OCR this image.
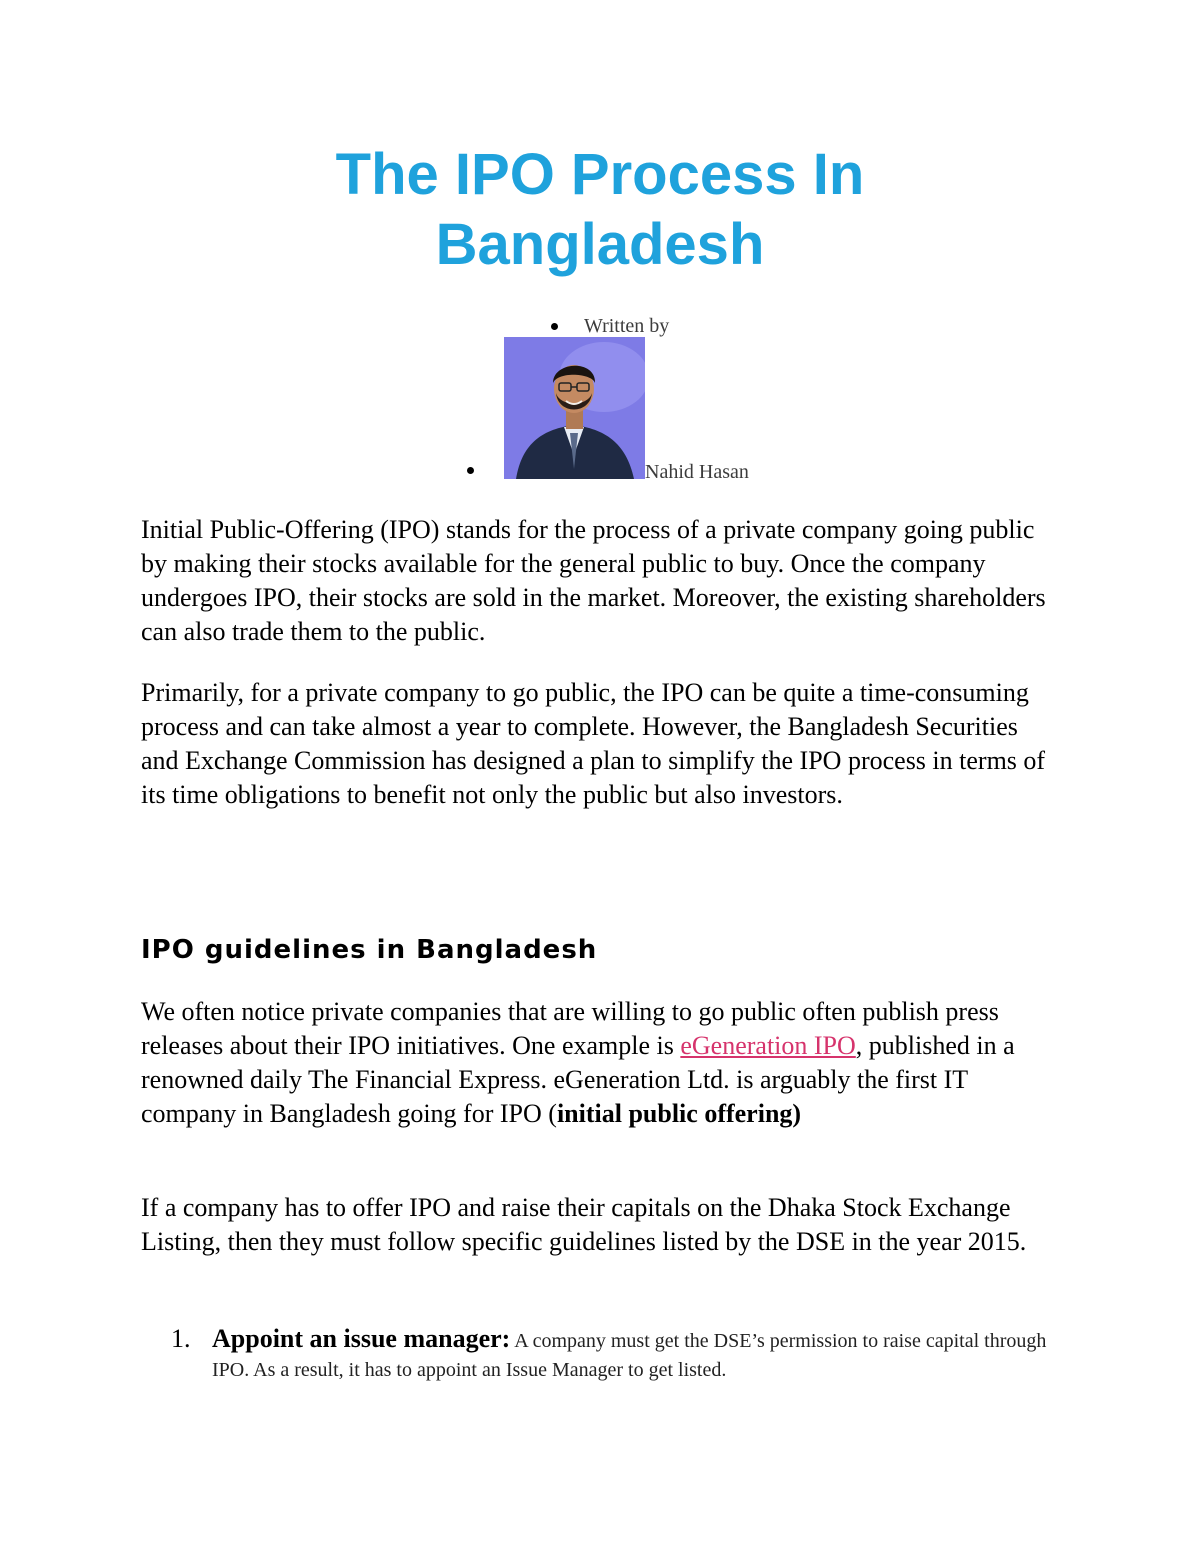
The IPO Process In
Bangladesh
Written by
Nahid Hasan

Initial Public-Offering (IPO) stands for the process of a private company going public by making their stocks available for the general public to buy. Once the company undergoes IPO, their stocks are sold in the market. Moreover, the existing shareholders can also trade them to the public.

Primarily, for a private company to go public, the IPO can be quite a time-consuming process and can take almost a year to complete. However, the Bangladesh Securities and Exchange Commission has designed a plan to simplify the IPO process in terms of its time obligations to benefit not only the public but also investors.

IPO guidelines in Bangladesh

We often notice private companies that are willing to go public often publish press releases about their IPO initiatives. One example is eGeneration IPO, published in a renowned daily The Financial Express. eGeneration Ltd. is arguably the first IT company in Bangladesh going for IPO (initial public offering)

If a company has to offer IPO and raise their capitals on the Dhaka Stock Exchange Listing, then they must follow specific guidelines listed by the DSE in the year 2015.

1. Appoint an issue manager: A company must get the DSE’s permission to raise capital through IPO. As a result, it has to appoint an Issue Manager to get listed.
